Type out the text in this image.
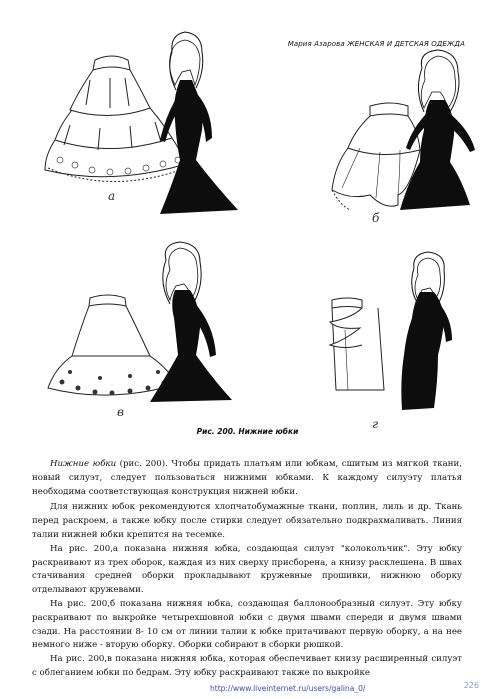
Мария Азарова ЖЕНСКАЯ И ДЕТСКАЯ ОДЕЖДА
а
б
в
г
Рис. 200. Нижние юбки

Нижние юбки (рис. 200). Чтобы придать платьям или юбкам, сшитым из мягкой ткани, новый силуэт, следует пользоваться нижними юбками. К каждому силуэту платья необходима соответствующая конструкция нижней юбки.

Для нижних юбок рекомендуются хлопчатобумажные ткани, поплин, лиль и др. Ткань перед раскроем, а также юбку после стирки следует обязательно подкрахмаливать. Линия талии нижней юбки крепится на тесемке.

На рис. 200,а показана нижняя юбка, создающая силуэт "колокольчик". Эту юбку раскраивают из трех оборок, каждая из них сверху присборена, а книзу расклешена. В швах стачивания средней оборки прокладывают кружевные прошивки, нижнюю оборку отделывают кружевами.

На рис. 200,б показана нижняя юбка, создающая баллонообразный силуэт. Эту юбку раскраивают по выкройке четырехшовной юбки с двумя швами спереди и двумя швами сзади. На расстоянии 8- 10 см от линии талии к юбке притачивают первую оборку, а на нее немного ниже - вторую оборку. Оборки собирают в сборки рюшкой.

На рис. 200,в показана нижняя юбка, которая обеспечивает книзу расширенный силуэт с облеганием юбки по бедрам. Эту юбку раскраивают также по выкройке

http://www.liveinternet.ru/users/galina_0/	226
